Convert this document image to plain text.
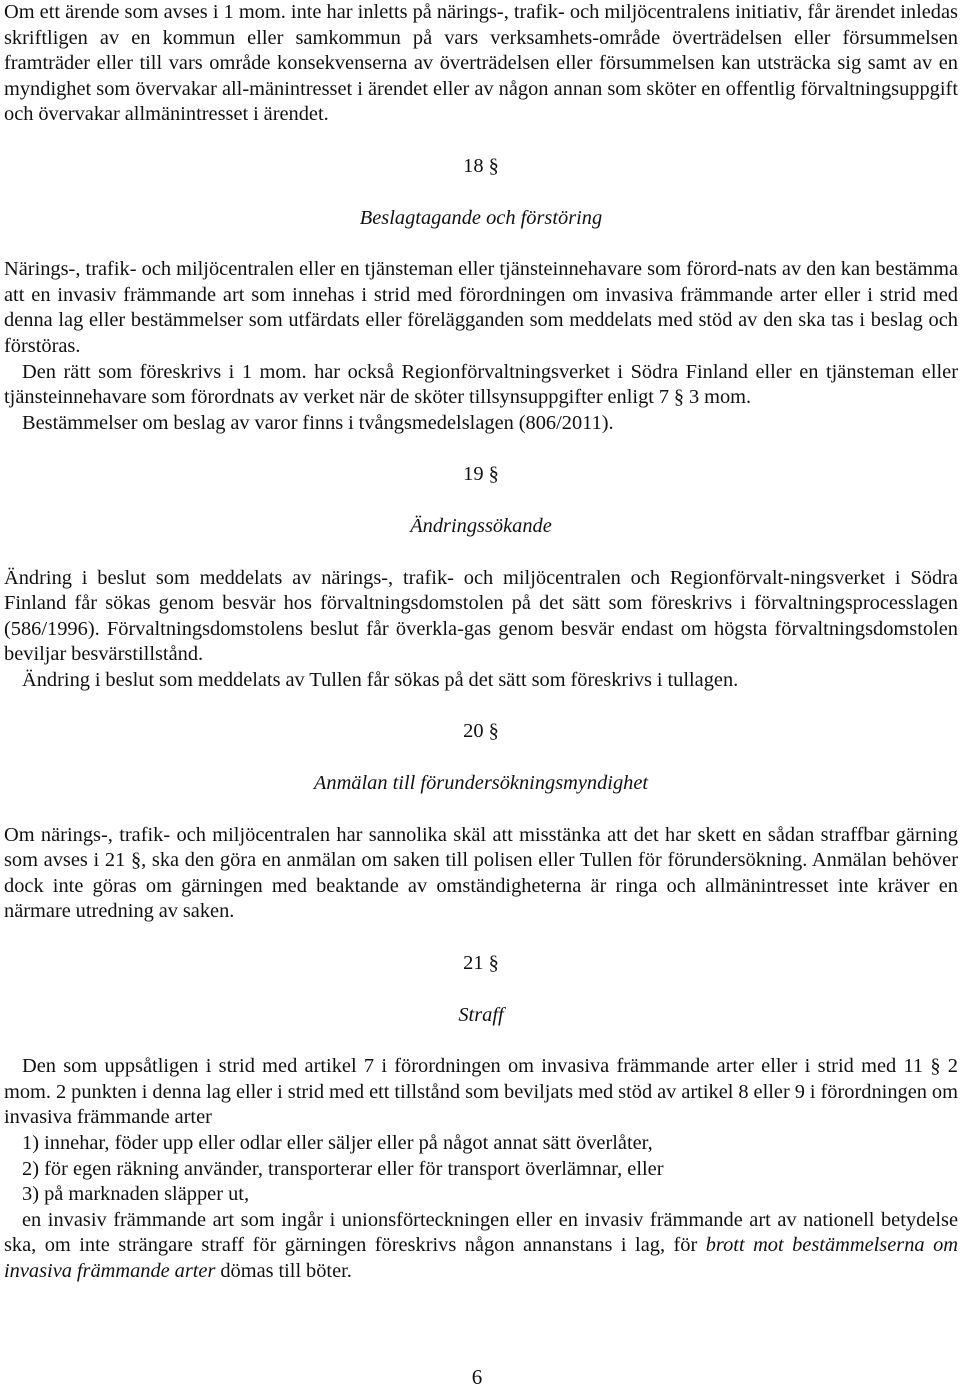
Om ett ärende som avses i 1 mom. inte har inletts på närings-, trafik- och miljöcentralens initiativ, får ärendet inledas skriftligen av en kommun eller samkommun på vars verksamhets-område överträdelsen eller försummelsen framträder eller till vars område konsekvenserna av överträdelsen eller försummelsen kan utsträcka sig samt av en myndighet som övervakar all-mänintresset i ärendet eller av någon annan som sköter en offentlig förvaltningsuppgift och övervakar allmänintresset i ärendet.

18 §
Beslagtagande och förstöring

Närings-, trafik- och miljöcentralen eller en tjänsteman eller tjänsteinnehavare som förord-nats av den kan bestämma att en invasiv främmande art som innehas i strid med förordningen om invasiva främmande arter eller i strid med denna lag eller bestämmelser som utfärdats eller förelägganden som meddelats med stöd av den ska tas i beslag och förstöras.

Den rätt som föreskrivs i 1 mom. har också Regionförvaltningsverket i Södra Finland eller en tjänsteman eller tjänsteinnehavare som förordnats av verket när de sköter tillsynsuppgifter enligt 7 § 3 mom.

Bestämmelser om beslag av varor finns i tvångsmedelslagen (806/2011).

19 §
Ändringssökande

Ändring i beslut som meddelats av närings-, trafik- och miljöcentralen och Regionförvalt-ningsverket i Södra Finland får sökas genom besvär hos förvaltningsdomstolen på det sätt som föreskrivs i förvaltningsprocesslagen (586/1996). Förvaltningsdomstolens beslut får överkla-gas genom besvär endast om högsta förvaltningsdomstolen beviljar besvärstillstånd.

Ändring i beslut som meddelats av Tullen får sökas på det sätt som föreskrivs i tullagen.

20 §
Anmälan till förundersökningsmyndighet

Om närings-, trafik- och miljöcentralen har sannolika skäl att misstänka att det har skett en sådan straffbar gärning som avses i 21 §, ska den göra en anmälan om saken till polisen eller Tullen för förundersökning. Anmälan behöver dock inte göras om gärningen med beaktande av omständigheterna är ringa och allmänintresset inte kräver en närmare utredning av saken.

21 §
Straff

Den som uppsåtligen i strid med artikel 7 i förordningen om invasiva främmande arter eller i strid med 11 § 2 mom. 2 punkten i denna lag eller i strid med ett tillstånd som beviljats med stöd av artikel 8 eller 9 i förordningen om invasiva främmande arter

1) innehar, föder upp eller odlar eller säljer eller på något annat sätt överlåter,
2) för egen räkning använder, transporterar eller för transport överlämnar, eller
3) på marknaden släpper ut,

en invasiv främmande art som ingår i unionsförteckningen eller en invasiv främmande art av nationell betydelse ska, om inte strängare straff för gärningen föreskrivs någon annanstans i lag, för brott mot bestämmelserna om invasiva främmande arter dömas till böter.

6
